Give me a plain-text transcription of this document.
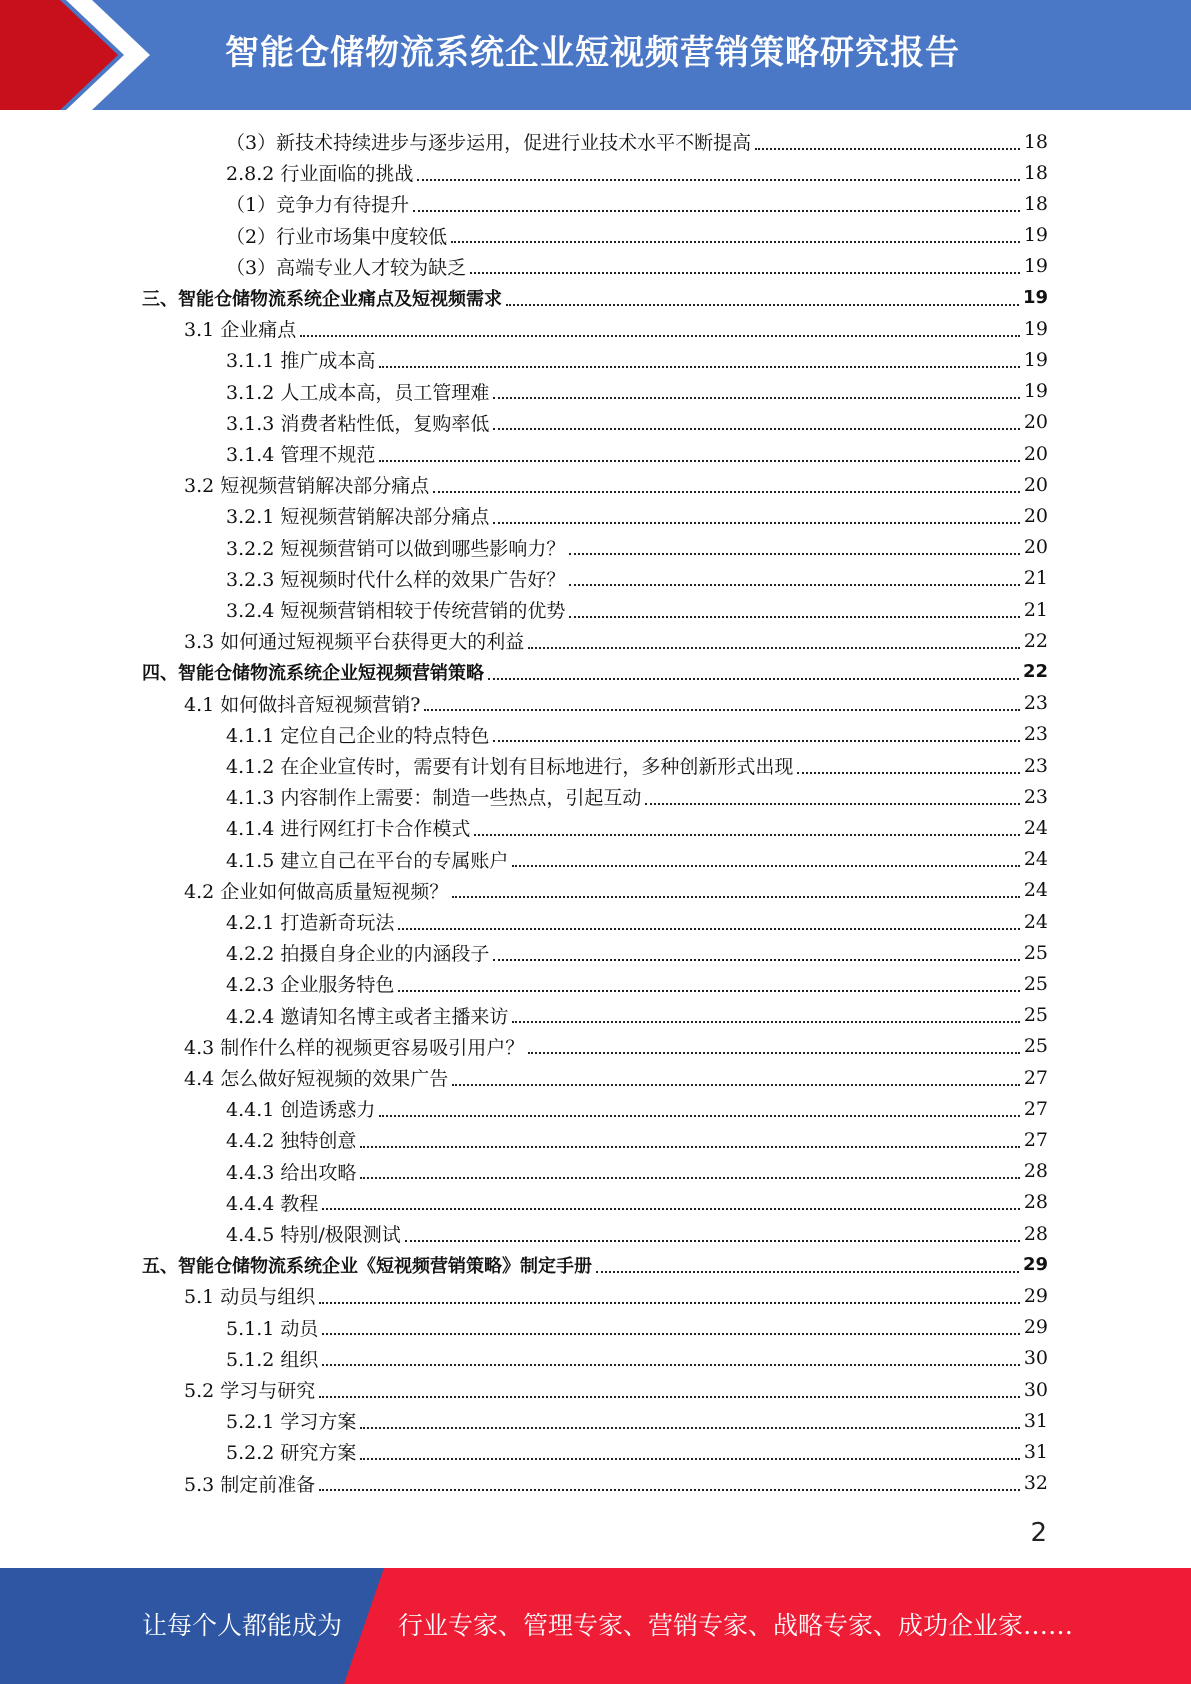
智能仓储物流系统企业短视频营销策略研究报告
（3）新技术持续进步与逐步运用，促进行业技术水平不断提高	18
2.8.2 行业面临的挑战	18
（1）竞争力有待提升	18
（2）行业市场集中度较低	19
（3）高端专业人才较为缺乏	19
三、智能仓储物流系统企业痛点及短视频需求	19
3.1 企业痛点	19
3.1.1 推广成本高	19
3.1.2 人工成本高，员工管理难	19
3.1.3 消费者粘性低，复购率低	20
3.1.4 管理不规范	20
3.2 短视频营销解决部分痛点	20
3.2.1 短视频营销解决部分痛点	20
3.2.2 短视频营销可以做到哪些影响力？	20
3.2.3 短视频时代什么样的效果广告好？	21
3.2.4 短视频营销相较于传统营销的优势	21
3.3 如何通过短视频平台获得更大的利益	22
四、智能仓储物流系统企业短视频营销策略	22
4.1 如何做抖音短视频营销?	23
4.1.1 定位自己企业的特点特色	23
4.1.2 在企业宣传时，需要有计划有目标地进行，多种创新形式出现	23
4.1.3 内容制作上需要：制造一些热点，引起互动	23
4.1.4 进行网红打卡合作模式	24
4.1.5 建立自己在平台的专属账户	24
4.2 企业如何做高质量短视频？	24
4.2.1 打造新奇玩法	24
4.2.2 拍摄自身企业的内涵段子	25
4.2.3 企业服务特色	25
4.2.4 邀请知名博主或者主播来访	25
4.3 制作什么样的视频更容易吸引用户？	25
4.4 怎么做好短视频的效果广告	27
4.4.1 创造诱惑力	27
4.4.2 独特创意	27
4.4.3 给出攻略	28
4.4.4 教程	28
4.4.5 特别/极限测试	28
五、智能仓储物流系统企业《短视频营销策略》制定手册	29
5.1 动员与组织	29
5.1.1 动员	29
5.1.2 组织	30
5.2 学习与研究	30
5.2.1 学习方案	31
5.2.2 研究方案	31
5.3 制定前准备	32
2
让每个人都能成为 行业专家、管理专家、营销专家、战略专家、成功企业家……
